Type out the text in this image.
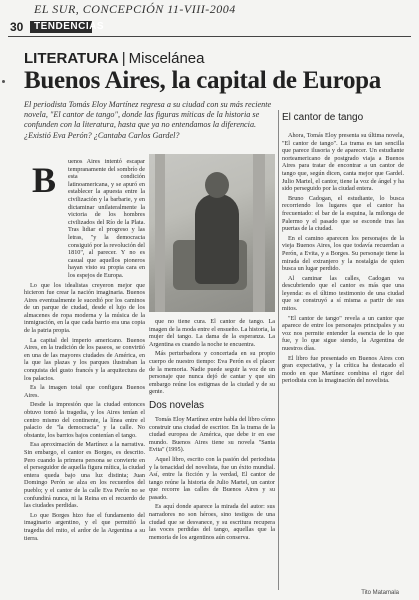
EL SUR, CONCEPCIÓN 11-VIII-2004
30	TENDENCIAS
LITERATURA | Miscelánea
Buenos Aires, la capital de Europa
El periodista Tomás Eloy Martínez regresa a su ciudad con su más reciente novela, "El cantor de tango", donde las figuras míticas de la historia se confunden con la literatura, hasta que ya no entendamos la diferencia. ¿Existió Eva Perón? ¿Cantaba Carlos Gardel?
B	uenos Aires intentó escapar tempranamente del sombrío de esta condición latinoamericana, y se apuró en establecer la apuesta entre la civilización y la barbarie, y en dictaminar unilateralmente la victoria de los hombres civilizados del Río de la Plata. Tras lidiar el progreso y las letras, "y la democracia consiguió por la revolución del 1810", al parecer. Y no es casual que aquellos pioneros hayan visto su propia cara en los espejos de Europa.

Lo que los idealistas creyeron mejor que hicieron fue crear la nación imaginaria. Buenos Aires eventualmente le sucedió por los caminos de un parque de ciudad, desde el lujo de los almacenes de ropa moderna y la música de la inmigración, en la que cada barrio era una copia de la patria propia.

La capital del imperio americano. Buenos Aires, en la tradición de los paseos, se convirtió en una de las mayores ciudades de América, en la que las plazas y los parques ilustraban la conquista del gusto francés y la arquitectura de los palacios.

Es la imagen total que configura Buenos Aires.

Desde la impresión que la ciudad entonces obtuvo tomó la tragedia, y los Aires tenían el centro mismo del continente, la línea entre el palacio de "la democracia" y la calle. No obstante, los barrios bajos contenían el tango.

Esa aproximación de Martínez a la narrativa. Sin embargo, el cantor es Borges, es descrito. Pero cuando la primera persona se convierte en el perseguidor de aquella figura mítica, la ciudad entera queda bajo una luz distinta; Juan Domingo Perón se alza en los recuerdos del pueblo; y el cantor de la calle Eva Perón no se confundirá nunca, ni la Reina en el recuerdo de las ciudades perdidas.

Lo que Borges hizo fue el fundamento del imaginario argentino, y el que permitió la tragedia del mito, el ardor de la Argentina a su tierra.

que no tiene cura. El cantor de tango. La imagen de la moda entre el ensueño. La historia, la mujer del tango. La dama de la esperanza. La Argentina es cuando la noche te encuentra.

Más perturbadora y concertada en su propio cuerpo de nuestro tiempo: Eva Perón es el placer de la memoria. Nadie puede seguir la voz de un personaje que nunca dejó de cantar y que sin embargo reúne los estigmas de la ciudad y de su gente.

Dos novelas

Tomás Eloy Martínez entre habla del libro cómo construir una ciudad de escritor. En la trama de la ciudad europea de América, que debe ir en ese mundo. Buenos Aires tiene su novela "Santa Evita" (1995).

Aquel libro, escrito con la pasión del periodista y la tenacidad del novelista, fue un éxito mundial. Así, entre la ficción y la verdad, El cantor de tango reúne la historia de Julio Martel, un cantor que recorre las calles de Buenos Aires y su pasado.

Es aquí donde aparece la mirada del autor: sus narradores no son héroes, sino testigos de una ciudad que se desvanece, y su escritura recupera las voces perdidas del tango, aquellas que la memoria de los argentinos aún conserva.

El cantor de tango

Ahora, Tomás Eloy presenta su última novela, "El cantor de tango". La trama es tan sencilla que parece ilusoria y de aparecer. Un estudiante norteamericano de postgrado viaja a Buenos Aires para tratar de encontrar a un cantor de tango que, según dicen, canta mejor que Gardel. Julio Martel, el cantor, tiene la voz de ángel y ha sido perseguido por la ciudad entera.

Bruno Cadogan, el estudiante, lo busca recorriendo los lugares que el cantor ha frecuentado: el bar de la esquina, la milonga de Palermo y el pasado que se esconde tras las puertas de la ciudad.

En el camino aparecen los personajes de la vieja Buenos Aires, los que todavía recuerdan a Perón, a Evita, y a Borges. Su personaje tiene la mirada del extranjero y la nostalgia de quien busca un lugar perdido.

Al caminar las calles, Cadogan va descubriendo que el cantor es más que una leyenda: es el último testimonio de una ciudad que se construyó a sí misma a partir de sus mitos.

"El cantor de tango" revela a un cantor que aparece de entre los personajes principales y su voz nos permite entender la esencia de lo que fue, y lo que sigue siendo, la Argentina de nuestros días.

El libro fue presentado en Buenos Aires con gran expectativa, y la crítica ha destacado el modo en que Martínez combina el rigor del periodista con la imaginación del novelista.

Tito Matamala
